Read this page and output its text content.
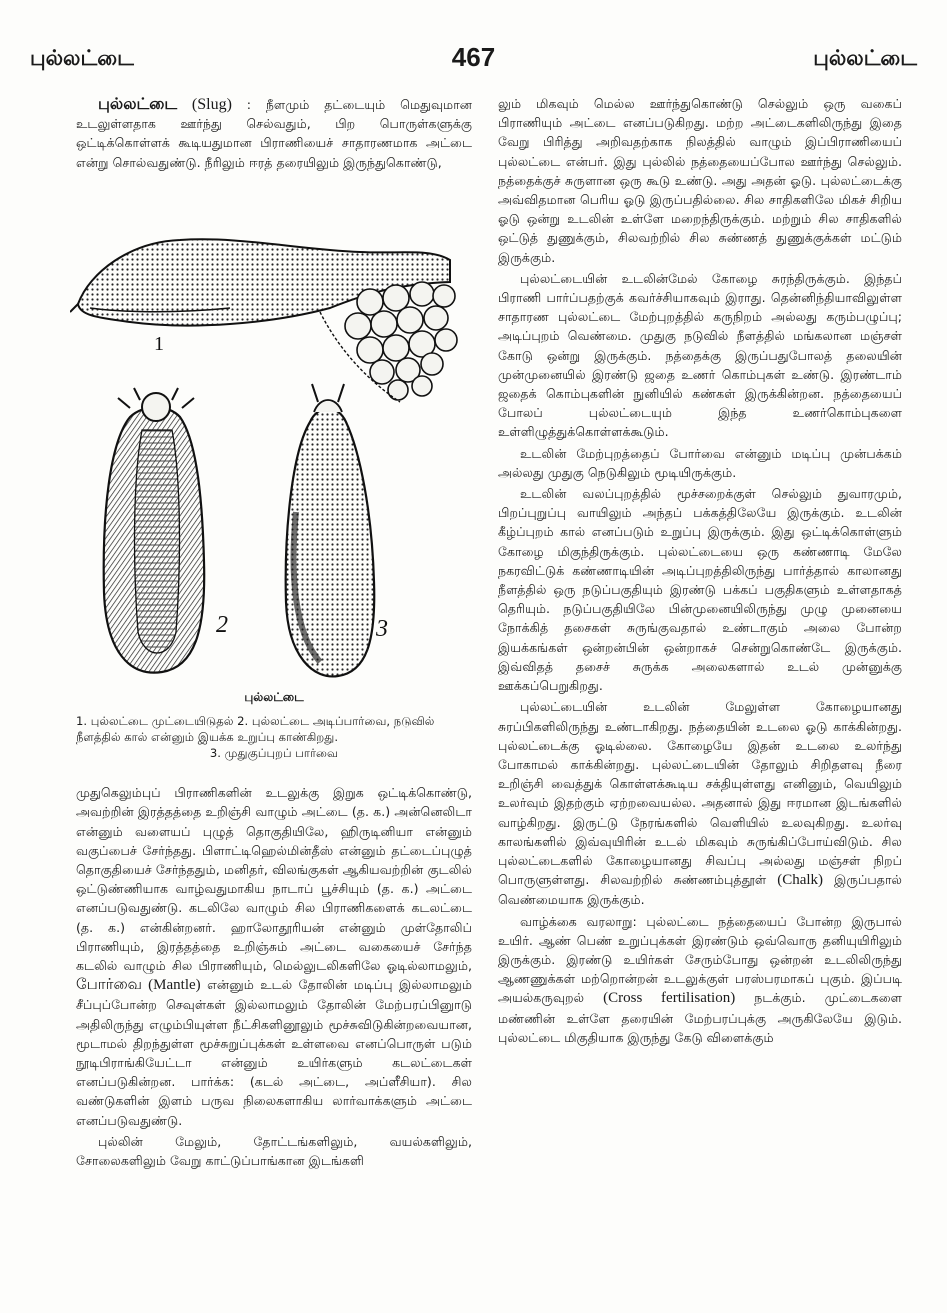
புல்லட்டை	467	புல்லட்டை

புல்லட்டை (Slug) : நீளமும் தட்டையும் மெதுவுமான உடலுள்ளதாக ஊர்ந்து செல்வதும், பிற பொருள்களுக்கு ஒட்டிக்கொள்ளக் கூடியதுமான பிராணியைச் சாதாரணமாக அட்டை என்று சொல்வதுண்டு. நீரிலும் ஈரத் தரையிலும் இருந்துகொண்டு,

1
2	3
புல்லட்டை
1. புல்லட்டை முட்டையிடுதல் 2. புல்லட்டை அடிப்பார்வை, நடுவில் நீளத்தில் கால் என்னும் இயக்க உறுப்பு காண்கிறது.
3. முதுகுப்புறப் பார்வை

முதுகெலும்புப் பிராணிகளின் உடலுக்கு இறுக ஒட்டிக்கொண்டு, அவற்றின் இரத்தத்தை உறிஞ்சி வாழும் அட்டை (த. க.) அன்னெலிடா என்னும் வளையப் புழுத் தொகுதியிலே, ஹிருடினியா என்னும் வகுப்பைச் சேர்ந்தது. பிளாட்டிஹெல்மின்தீஸ் என்னும் தட்டைப்புழுத் தொகுதியைச் சேர்ந்ததும், மனிதர், விலங்குகள் ஆகியவற்றின் குடலில் ஒட்டுண்ணியாக வாழ்வதுமாகிய நாடாப் பூச்சியும் (த. க.) அட்டை எனப்படுவதுண்டு. கடலிலே வாழும் சில பிராணிகளைக் கடலட்டை (த. க.) என்கின்றனர். ஹாலோதூரியன் என்னும் முள்தோலிப் பிராணியும், இரத்தத்தை உறிஞ்சும் அட்டை வகையைச் சேர்ந்த கடலில் வாழும் சில பிராணியும், மெல்லுடலிகளிலே ஓடில்லாமலும், போர்வை (Mantle) என்னும் உடல் தோலின் மடிப்பு இல்லாமலும் சீப்புப்போன்ற செவுள்கள் இல்லாமலும் தோலின் மேற்பரப்பினுாடு அதிலிருந்து எழும்பியுள்ள நீட்சிகளினூலும் மூச்சுவிடுகின்றவையான, மூடாமல் திறந்துள்ள மூச்சுறுப்புக்கள் உள்ளவை எனப்பொருள் படும் நூடிபிராங்கியேட்டா என்னும் உயிர்களும் கடலட்டைகள் எனப்படுகின்றன. பார்க்க: (கடல் அட்டை, அப்ளீசியா). சில வண்டுகளின் இளம் பருவ நிலைகளாகிய லார்வாக்களும் அட்டை எனப்படுவதுண்டு.

புல்லின் மேலும், தோட்டங்களிலும், வயல்களிலும், சோலைகளிலும் வேறு காட்டுப்பாங்கான இடங்களி

லும் மிகவும் மெல்ல ஊர்ந்துகொண்டு செல்லும் ஒரு வகைப் பிராணியும் அட்டை எனப்படுகிறது. மற்ற அட்டைகளிலிருந்து இதை வேறு பிரித்து அறிவதற்காக நிலத்தில் வாழும் இப்பிராணியைப் புல்லட்டை என்பர். இது புல்லில் நத்தையைப்போல ஊர்ந்து செல்லும். நத்தைக்குச் சுருளான ஒரு கூடு உண்டு. அது அதன் ஓடு. புல்லட்டைக்கு அவ்விதமான பெரிய ஓடு இருப்பதில்லை. சில சாதிகளிலே மிகச் சிறிய ஓடு ஒன்று உடலின் உள்ளே மறைந்திருக்கும். மற்றும் சில சாதிகளில் ஒட்டுத் துணுக்கும், சிலவற்றில் சில சுண்ணத் துணுக்குக்கள் மட்டும் இருக்கும்.

புல்லட்டையின் உடலின்மேல் கோழை சுரந்திருக்கும். இந்தப் பிராணி பார்ப்பதற்குக் கவர்ச்சியாகவும் இராது. தென்னிந்தியாவிலுள்ள சாதாரண புல்லட்டை மேற்புறத்தில் கருநிறம் அல்லது கரும்பழுப்பு; அடிப்புறம் வெண்மை. முதுகு நடுவில் நீளத்தில் மங்கலான மஞ்சள் கோடு ஒன்று இருக்கும். நத்தைக்கு இருப்பதுபோலத் தலையின் முன்முனையில் இரண்டு ஜதை உணர் கொம்புகள் உண்டு. இரண்டாம் ஜதைக் கொம்புகளின் நுனியில் கண்கள் இருக்கின்றன. நத்தையைப் போலப் புல்லட்டையும் இந்த உணர்கொம்புகளை உள்ளிழுத்துக்கொள்ளக்கூடும்.

உடலின் மேற்புறத்தைப் போர்வை என்னும் மடிப்பு முன்பக்கம் அல்லது முதுகு நெடுகிலும் மூடியிருக்கும்.

உடலின் வலப்புறத்தில் மூச்சறைக்குள் செல்லும் துவாரமும், பிறப்புறுப்பு வாயிலும் அந்தப் பக்கத்திலேயே இருக்கும். உடலின் கீழ்ப்புறம் கால் எனப்படும் உறுப்பு இருக்கும். இது ஒட்டிக்கொள்ளும் கோழை மிகுந்திருக்கும். புல்லட்டையை ஒரு கண்ணாடி மேலே நகரவிட்டுக் கண்ணாடியின் அடிப்புறத்திலிருந்து பார்த்தால் காலானது நீளத்தில் ஒரு நடுப்பகுதியும் இரண்டு பக்கப் பகுதிகளும் உள்ளதாகத் தெரியும். நடுப்பகுதியிலே பின்முனையிலிருந்து முழு முனையை நோக்கித் தசைகள் சுருங்குவதால் உண்டாகும் அலை போன்ற இயக்கங்கள் ஒன்றன்பின் ஒன்றாகச் சென்றுகொண்டே இருக்கும். இவ்விதத் தசைச் சுருக்க அலைகளால் உடல் முன்னுக்கு ஊக்கப்பெறுகிறது.

புல்லட்டையின் உடலின் மேலுள்ள கோழையானது சுரப்பிகளிலிருந்து உண்டாகிறது. நத்தையின் உடலை ஓடு காக்கின்றது. புல்லட்டைக்கு ஓடில்லை. கோழையே இதன் உடலை உலர்ந்து போகாமல் காக்கின்றது. புல்லட்டையின் தோலும் சிறிதளவு நீரை உறிஞ்சி வைத்துக் கொள்ளக்கூடிய சக்தியுள்ளது எனினும், வெயிலும் உலர்வும் இதற்கும் ஏற்றவையல்ல. அதனால் இது ஈரமான இடங்களில் வாழ்கிறது. இருட்டு நேரங்களில் வெளியில் உலவுகிறது. உலர்வு காலங்களில் இவ்வுயிரின் உடல் மிகவும் சுருங்கிப்போய்விடும். சில புல்லட்டைகளில் கோழையானது சிவப்பு அல்லது மஞ்சள் நிறப் பொருளுள்ளது. சிலவற்றில் சுண்ணம்புத்தூள் (Chalk) இருப்பதால் வெண்மையாக இருக்கும்.

வாழ்க்கை வரலாறு: புல்லட்டை நத்தையைப் போன்ற இருபால் உயிர். ஆண் பெண் உறுப்புக்கள் இரண்டும் ஒவ்வொரு தனியுயிரிலும் இருக்கும். இரண்டு உயிர்கள் சேரும்போது ஒன்றன் உடலிலிருந்து ஆணணுக்கள் மற்றொன்றன் உடலுக்குள் பரஸ்பரமாகப் புகும். இப்படி அயல்கருவுறல் (Cross fertilisation) நடக்கும். முட்டைகளை மண்ணின் உள்ளே தரையின் மேற்பரப்புக்கு அருகிலேயே இடும். புல்லட்டை மிகுதியாக இருந்து கேடு விளைக்கும்
